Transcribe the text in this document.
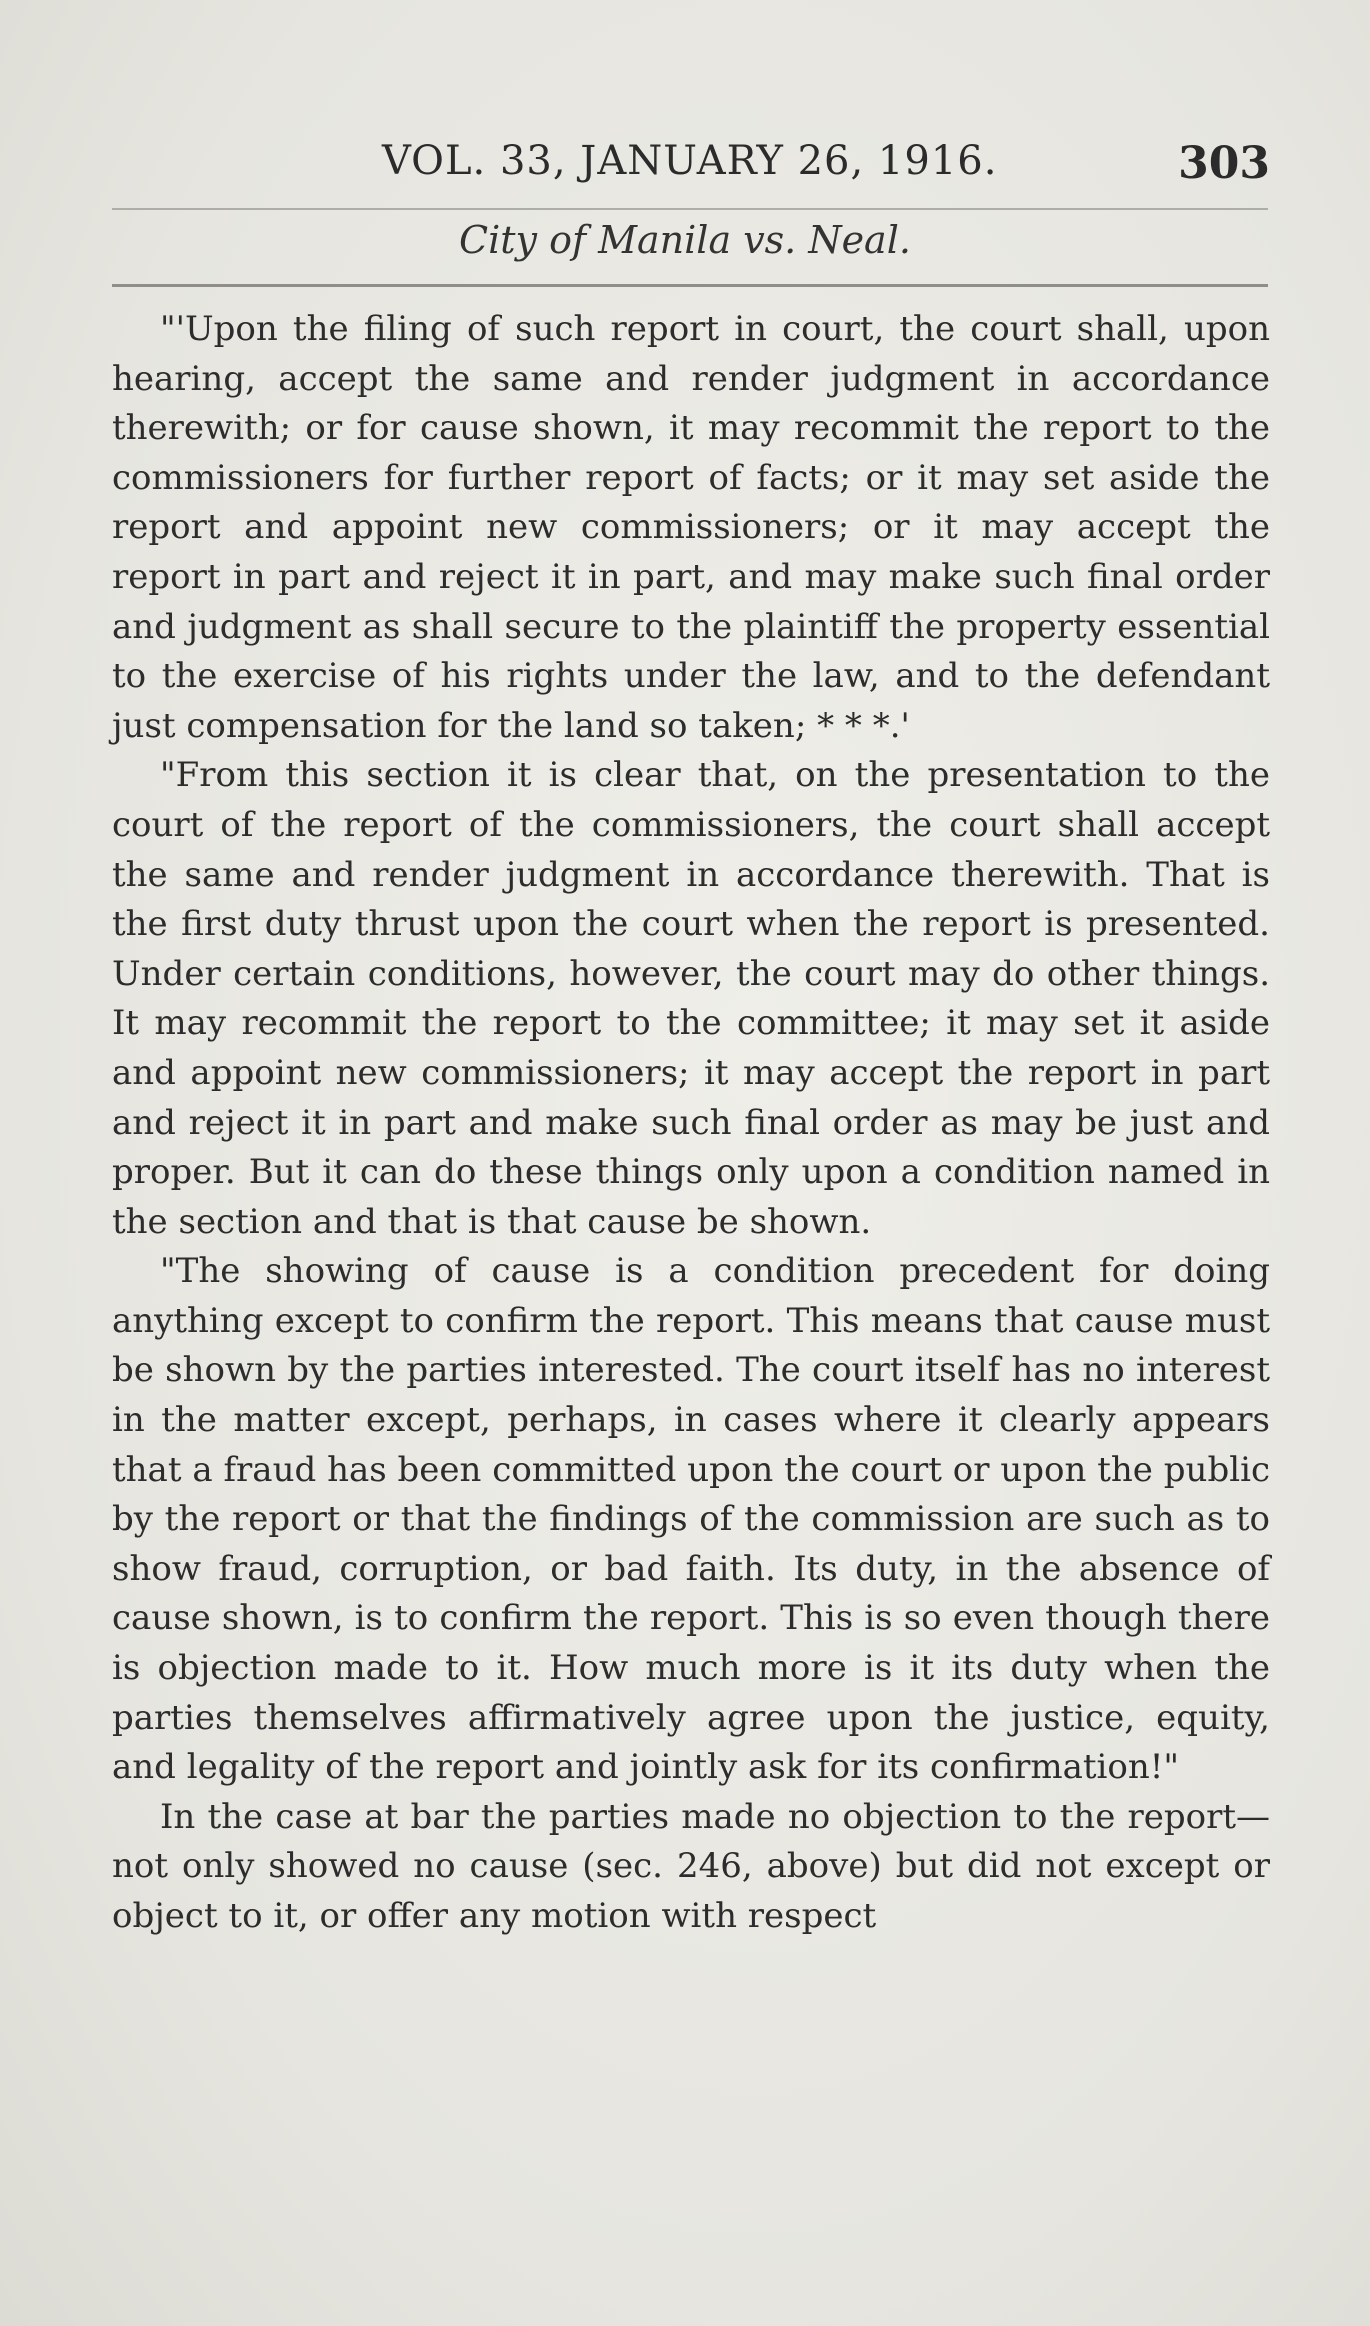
VOL. 33, JANUARY 26, 1916.	303
City of Manila vs. Neal.

"'Upon the filing of such report in court, the court shall, upon hearing, accept the same and render judgment in accordance therewith; or for cause shown, it may recommit the report to the commissioners for further report of facts; or it may set aside the report and appoint new commissioners; or it may accept the report in part and reject it in part, and may make such final order and judgment as shall secure to the plaintiff the property essential to the exercise of his rights under the law, and to the defendant just compensation for the land so taken; * * *.'

"From this section it is clear that, on the presentation to the court of the report of the commissioners, the court shall accept the same and render judgment in accordance therewith. That is the first duty thrust upon the court when the report is presented. Under certain conditions, however, the court may do other things. It may recommit the report to the committee; it may set it aside and appoint new commissioners; it may accept the report in part and reject it in part and make such final order as may be just and proper. But it can do these things only upon a condition named in the section and that is that cause be shown.

"The showing of cause is a condition precedent for doing anything except to confirm the report. This means that cause must be shown by the parties interested. The court itself has no interest in the matter except, perhaps, in cases where it clearly appears that a fraud has been committed upon the court or upon the public by the report or that the findings of the commission are such as to show fraud, corruption, or bad faith. Its duty, in the absence of cause shown, is to confirm the report. This is so even though there is objection made to it. How much more is it its duty when the parties themselves affirmatively agree upon the justice, equity, and legality of the report and jointly ask for its confirmation!"

In the case at bar the parties made no objection to the report—not only showed no cause (sec. 246, above) but did not except or object to it, or offer any motion with respect
